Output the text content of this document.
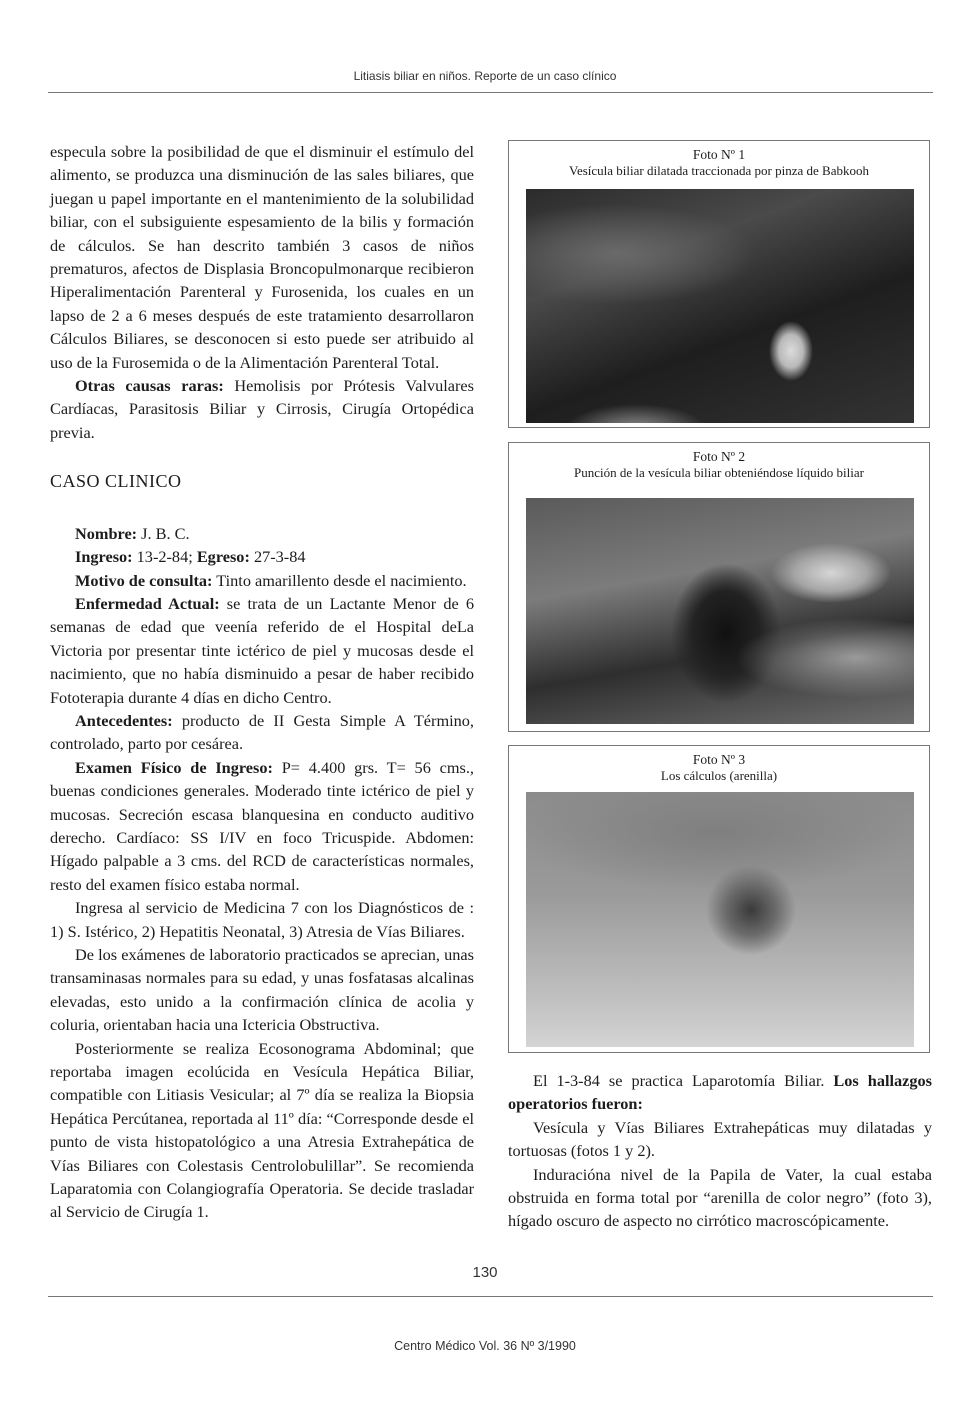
Litiasis biliar en niños. Reporte de un caso clínico

especula sobre la posibilidad de que el disminuir el estímulo del alimento, se produzca una disminución de las sales biliares, que juegan u papel importante en el mantenimiento de la solubilidad biliar, con el subsiguiente espesamiento de la bilis y formación de cálculos. Se han descrito también 3 casos de niños prematuros, afectos de Displasia Broncopulmonarque recibieron Hiperalimentación Parenteral y Furosenida, los cuales en un lapso de 2 a 6 meses después de este tratamiento desarrollaron Cálculos Biliares, se desconocen si esto puede ser atribuido al uso de la Furosemida o de la Alimentación Parenteral Total.

Otras causas raras: Hemolisis por Prótesis Valvulares Cardíacas, Parasitosis Biliar y Cirrosis, Cirugía Ortopédica previa.

CASO CLINICO

Nombre: J. B. C.

Ingreso: 13-2-84; Egreso: 27-3-84

Motivo de consulta: Tinto amarillento desde el nacimiento.

Enfermedad Actual: se trata de un Lactante Menor de 6 semanas de edad que veenía referido de el Hospital deLa Victoria por presentar tinte ictérico de piel y mucosas desde el nacimiento, que no había disminuido a pesar de haber recibido Fototerapia durante 4 días en dicho Centro.

Antecedentes: producto de II Gesta Simple A Término, controlado, parto por cesárea.

Examen Físico de Ingreso: P= 4.400 grs. T= 56 cms., buenas condiciones generales. Moderado tinte ictérico de piel y mucosas. Secreción escasa blanquesina en conducto auditivo derecho. Cardíaco: SS I/IV en foco Tricuspide. Abdomen: Hígado palpable a 3 cms. del RCD de características normales, resto del examen físico estaba normal.

Ingresa al servicio de Medicina 7 con los Diagnósticos de : 1) S. Istérico, 2) Hepatitis Neonatal, 3) Atresia de Vías Biliares.

De los exámenes de laboratorio practicados se aprecian, unas transaminasas normales para su edad, y unas fosfatasas alcalinas elevadas, esto unido a la confirmación clínica de acolia y coluria, orientaban hacia una Ictericia Obstructiva.

Posteriormente se realiza Ecosonograma Abdominal; que reportaba imagen ecolúcida en Vesícula Hepática Biliar, compatible con Litiasis Vesicular; al 7º día se realiza la Biopsia Hepática Percútanea, reportada al 11º día: “Corresponde desde el punto de vista histopatológico a una Atresia Extrahepática de Vías Biliares con Colestasis Centrolobulillar”. Se recomienda Laparatomia con Colangiografía Operatoria. Se decide trasladar al Servicio de Cirugía 1.

Foto Nº 1
Vesícula biliar dilatada traccionada por pinza de Babkooh
Foto Nº 2
Punción de la vesícula biliar obteniéndose líquido biliar
Foto Nº 3
Los cálculos (arenilla)

El 1-3-84 se practica Laparotomía Biliar. Los hallazgos operatorios fueron:

Vesícula y Vías Biliares Extrahepáticas muy dilatadas y tortuosas (fotos 1 y 2).

Induracióna nivel de la Papila de Vater, la cual estaba obstruida en forma total por “arenilla de color negro” (foto 3), hígado oscuro de aspecto no cirrótico macroscópicamente.

130
Centro Médico Vol. 36 Nº 3/1990
